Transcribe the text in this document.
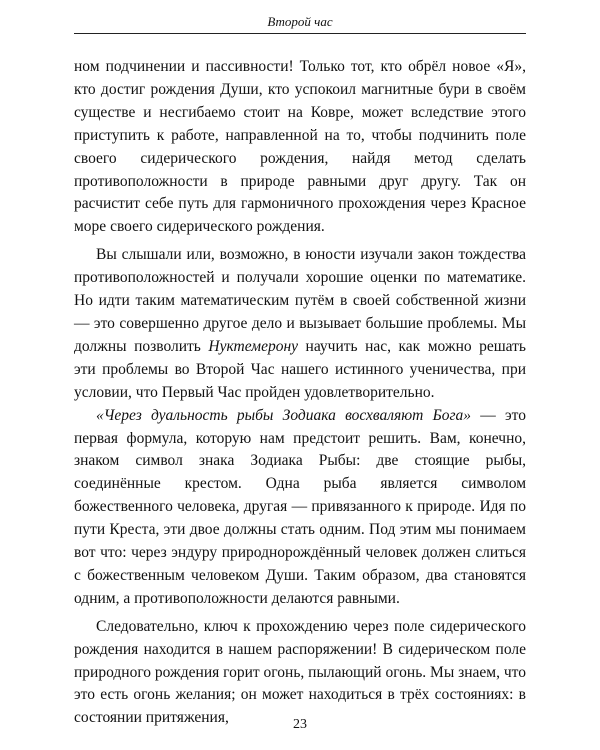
Второй час

ном подчинении и пассивности! Только тот, кто обрёл новое «Я», кто достиг рождения Души, кто успокоил магнитные бури в своём существе и несгибаемо стоит на Ковре, может вследствие этого приступить к работе, направленной на то, чтобы подчинить поле своего сидерического рождения, найдя метод сделать противоположности в природе равными друг другу. Так он расчистит себе путь для гармоничного прохождения через Красное море своего сидерического рождения.

Вы слышали или, возможно, в юности изучали закон тождества противоположностей и получали хорошие оценки по математике. Но идти таким математическим путём в своей собственной жизни — это совершенно другое дело и вызывает большие проблемы. Мы должны позволить Нуктемерону научить нас, как можно решать эти проблемы во Второй Час нашего истинного ученичества, при условии, что Первый Час пройден удовлетворительно.

«Через дуальность рыбы Зодиака восхваляют Бога» — это первая формула, которую нам предстоит решить. Вам, конечно, знаком символ знака Зодиака Рыбы: две стоящие рыбы, соединённые крестом. Одна рыба является символом божественного человека, другая — привязанного к природе. Идя по пути Креста, эти двое должны стать одним. Под этим мы понимаем вот что: через эндуру природнорождённый человек должен слиться с божественным человеком Души. Таким образом, два становятся одним, а противоположности делаются равными.

Следовательно, ключ к прохождению через поле сидерического рождения находится в нашем распоряжении! В сидерическом поле природного рождения горит огонь, пылающий огонь. Мы знаем, что это есть огонь желания; он может находиться в трёх состояниях: в состоянии притяжения,	23
